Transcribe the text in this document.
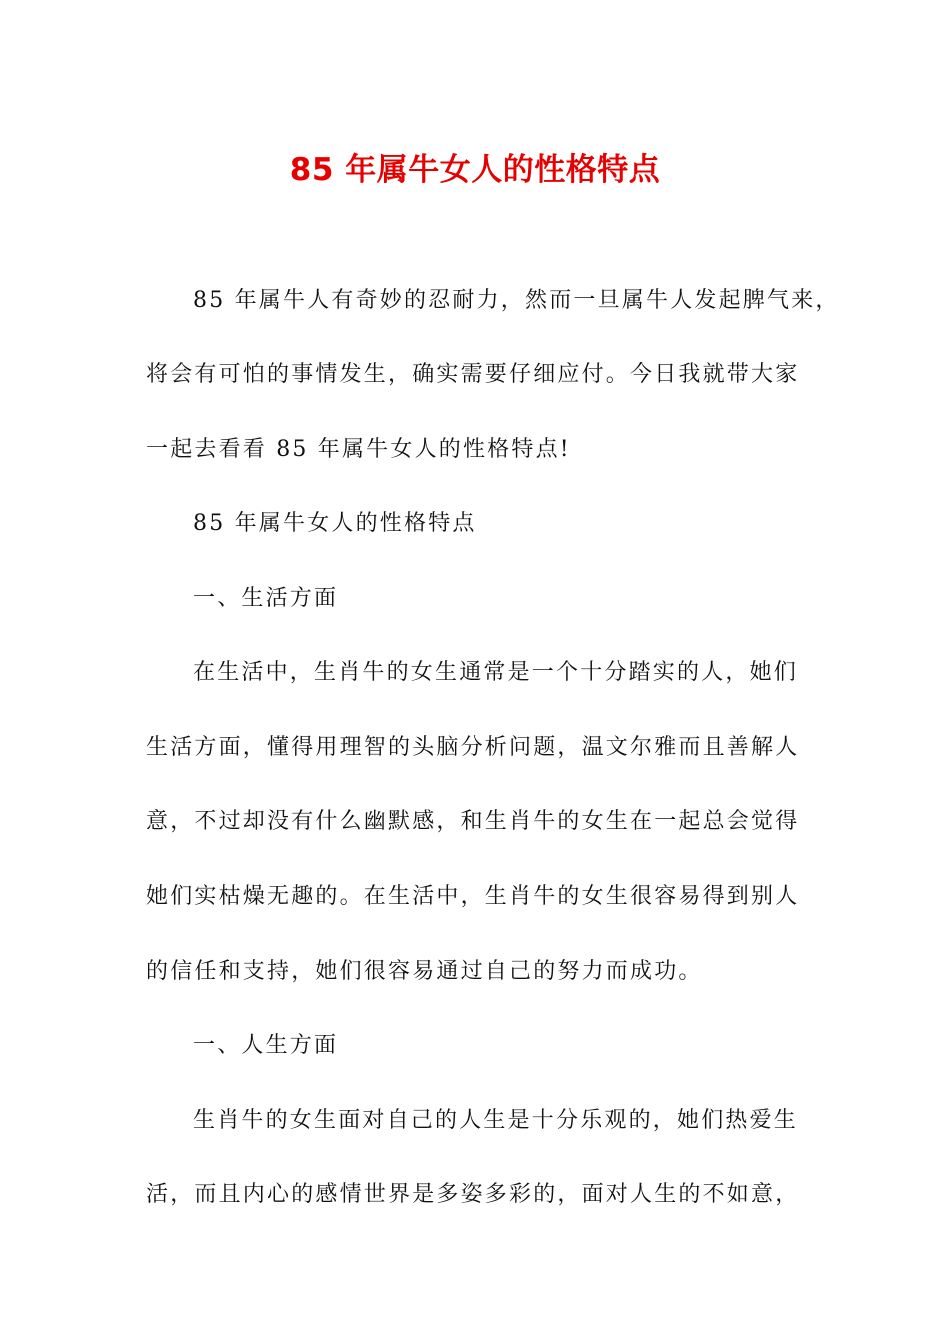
85 年属牛女人的性格特点
85 年属牛人有奇妙的忍耐力，然而一旦属牛人发起脾气来，
将会有可怕的事情发生，确实需要仔细应付。今日我就带大家
一起去看看 85 年属牛女人的性格特点!
85 年属牛女人的性格特点
一、生活方面
在生活中，生肖牛的女生通常是一个十分踏实的人，她们
生活方面，懂得用理智的头脑分析问题，温文尔雅而且善解人
意，不过却没有什么幽默感，和生肖牛的女生在一起总会觉得
她们实枯燥无趣的。在生活中，生肖牛的女生很容易得到别人
的信任和支持，她们很容易通过自己的努力而成功。
一、人生方面
生肖牛的女生面对自己的人生是十分乐观的，她们热爱生
活，而且内心的感情世界是多姿多彩的，面对人生的不如意，
